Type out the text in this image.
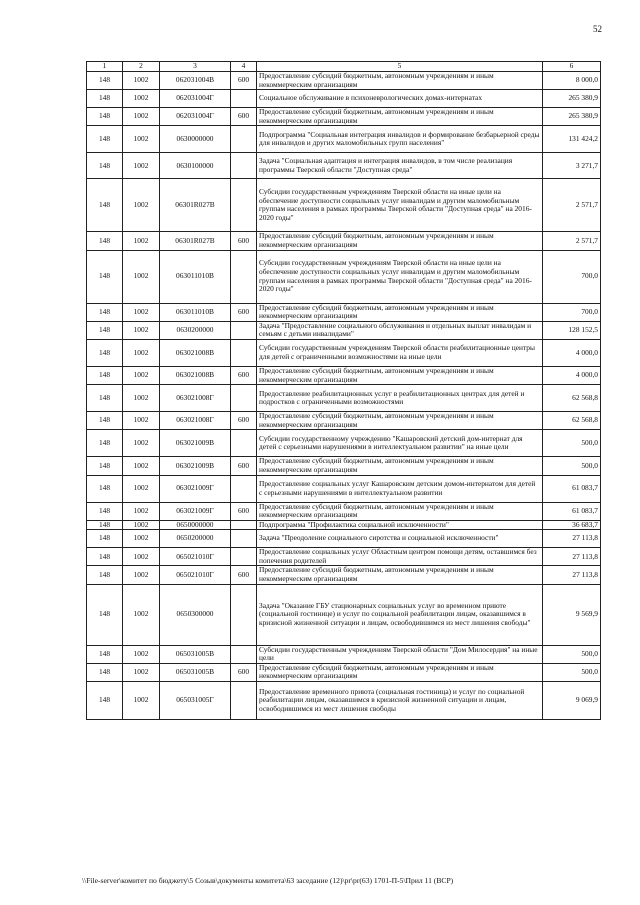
52
1	2	3	4	5	6
148	1002	062031004В	600	Предоставление субсидий бюджетным, автономным учреждениям и иным некоммерческим организациям	8 000,0
148	1002	062031004Г		Социальное обслуживание в психоневрологических домах-интернатах	265 380,9
148	1002	062031004Г	600	Предоставление субсидий бюджетным, автономным учреждениям и иным некоммерческим организациям	265 380,9
148	1002	0630000000		Подпрограмма "Социальная интеграция инвалидов и формирование безбарьерной среды для инвалидов и других маломобильных групп населения"	131 424,2
148	1002	0630100000		Задача "Социальная адаптация и интеграция инвалидов, в том числе реализация программы Тверской области "Доступная среда"	3 271,7
148	1002	06301R027В		Субсидии государственным учреждениям Тверской области на иные цели на обеспечение доступности социальных услуг инвалидам и другим маломобильным группам населения в рамках программы Тверской области "Доступная среда" на 2016-2020 годы"	2 571,7
148	1002	06301R027В	600	Предоставление субсидий бюджетным, автономным учреждениям и иным некоммерческим организациям	2 571,7
148	1002	063011010В		Субсидии государственным учреждениям Тверской области на иные цели на обеспечение доступности социальных услуг инвалидам и другим маломобильным группам населения в рамках программы Тверской области "Доступная среда" на 2016-2020 годы"	700,0
148	1002	063011010В	600	Предоставление субсидий бюджетным, автономным учреждениям и иным некоммерческим организациям	700,0
148	1002	0630200000		Задача "Предоставление социального обслуживания и отдельных выплат инвалидам и семьям с детьми инвалидами"	128 152,5
148	1002	063021008В		Субсидии государственным учреждениям Тверской области реабилитационные центры для детей с ограниченными возможностями на иные цели	4 000,0
148	1002	063021008В	600	Предоставление субсидий бюджетным, автономным учреждениям и иным некоммерческим организациям	4 000,0
148	1002	063021008Г		Предоставление реабилитационных услуг в реабилитационных центрах для детей и подростков с ограниченными возможностями	62 568,8
148	1002	063021008Г	600	Предоставление субсидий бюджетным, автономным учреждениям и иным некоммерческим организациям	62 568,8
148	1002	063021009В		Субсидии государственному учреждению "Кашаровский детский дом-интернат для детей с серьезными нарушениями в интеллектуальном развитии" на иные цели	500,0
148	1002	063021009В	600	Предоставление субсидий бюджетным, автономным учреждениям и иным некоммерческим организациям	500,0
148	1002	063021009Г		Предоставление социальных услуг Кашаровским детским домом-интернатом для детей с серьезными нарушениями в интеллектуальном развитии	61 083,7
148	1002	063021009Г	600	Предоставление субсидий бюджетным, автономным учреждениям и иным некоммерческим организациям	61 083,7
148	1002	0650000000		Подпрограмма "Профилактика социальной исключенности"	36 683,7
148	1002	0650200000		Задача "Преодоление социального сиротства и социальной исключенности"	27 113,8
148	1002	065021010Г		Предоставление социальных услуг Областным центром помощи детям, оставшимся без попечения родителей	27 113,8
148	1002	065021010Г	600	Предоставление субсидий бюджетным, автономным учреждениям и иным некоммерческим организациям	27 113,8
148	1002	0650300000		Задача "Оказание ГБУ стационарных социальных услуг во временном приюте (социальной гостинице) и услуг по социальной реабилитации лицам, оказавшимся в кризисной жизненной ситуации и лицам, освободившимся из мест лишения свободы"	9 569,9
148	1002	065031005В		Субсидии государственным учреждениям Тверской области "Дом Милосердия" на иные цели	500,0
148	1002	065031005В	600	Предоставление субсидий бюджетным, автономным учреждениям и иным некоммерческим организациям	500,0
148	1002	065031005Г		Предоставление временного приюта (социальная гостиница) и услуг по социальной реабилитации лицам, оказавшимся в кризисной жизненной ситуации и лицам, освободившимся из мест лишения свободы	9 069,9
\\File-server\комитет по бюджету\5 Созыв\документы комитета\63 заседание (12)\pr\pr(63) 1701-П-5\Прил 11 (ВСР)
